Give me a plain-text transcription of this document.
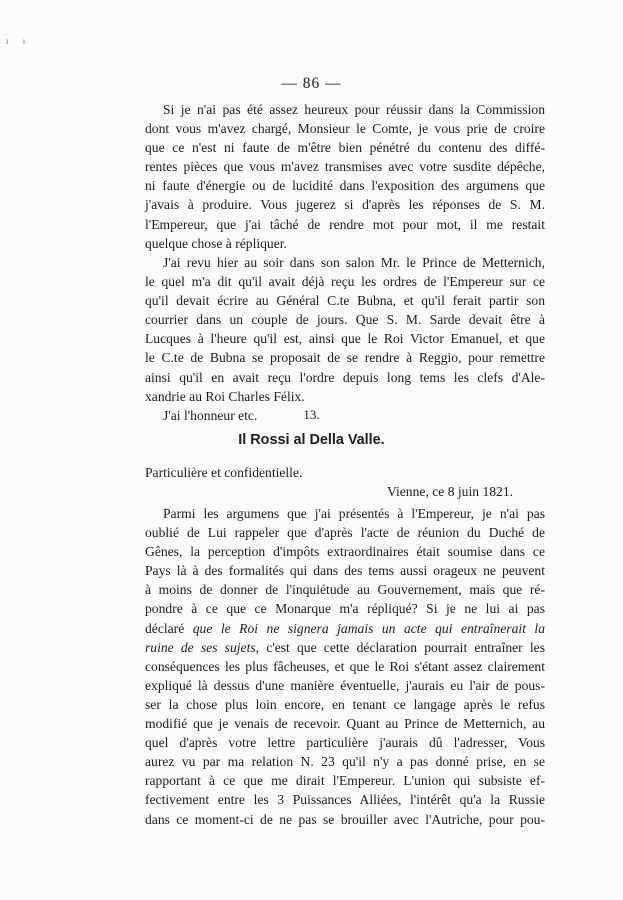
ı ı
— 86 —
Si je n'ai pas été assez heureux pour réussir dans la Commission
dont vous m'avez chargé, Monsieur le Comte, je vous prie de croire
que ce n'est ni faute de m'être bien pénétré du contenu des diffé-
rentes pièces que vous m'avez transmises avec votre susdite dépêche,
ni faute d'énergie ou de lucidité dans l'exposition des argumens que
j'avais à produire. Vous jugerez si d'après les réponses de S. M.
l'Empereur, que j'ai tâché de rendre mot pour mot, il me restait
quelque chose à répliquer.
J'ai revu hier au soir dans son salon Mr. le Prince de Metternich,
le quel m'a dit qu'il avait déjà reçu les ordres de l'Empereur sur ce
qu'il devait écrire au Général C.te Bubna, et qu'il ferait partir son
courrier dans un couple de jours. Que S. M. Sarde devait être à
Lucques à l'heure qu'il est, ainsi que le Roi Victor Emanuel, et que
le C.te de Bubna se proposait de se rendre à Reggio, pour remettre
ainsi qu'il en avait reçu l'ordre depuis long tems les clefs d'Ale-
xandrie au Roi Charles Félix.
J'ai l'honneur etc.	13.
Il Rossi al Della Valle.
Particulière et confidentielle.
Vienne, ce 8 juin 1821.
Parmi les argumens que j'ai présentés à l'Empereur, je n'ai pas
oublié de Lui rappeler que d'après l'acte de réunion du Duché de
Gênes, la perception d'impôts extraordinaires était soumise dans ce
Pays là à des formalités qui dans des tems aussi orageux ne peuvent
à moins de donner de l'inquiétude au Gouvernement, mais que ré-
pondre à ce que ce Monarque m'a répliqué? Si je ne lui ai pas
déclaré que le Roi ne signera jamais un acte qui entraînerait la
ruine de ses sujets, c'est que cette déclaration pourrait entraîner les
conséquences les plus fâcheuses, et que le Roi s'étant assez clairement
expliqué là dessus d'une manière éventuelle, j'aurais eu l'air de pous-
ser la chose plus loin encore, en tenant ce langage après le refus
modifié que je venais de recevoir. Quant au Prince de Metternich, au
quel d'après votre lettre particulière j'aurais dû l'adresser, Vous
aurez vu par ma relation N. 23 qu'il n'y a pas donné prise, en se
rapportant à ce que me dirait l'Empereur. L'union qui subsiste ef-
fectivement entre les 3 Puissances Alliées, l'intérêt qu'a la Russie
dans ce moment-ci de ne pas se brouiller avec l'Autriche, pour pou-
